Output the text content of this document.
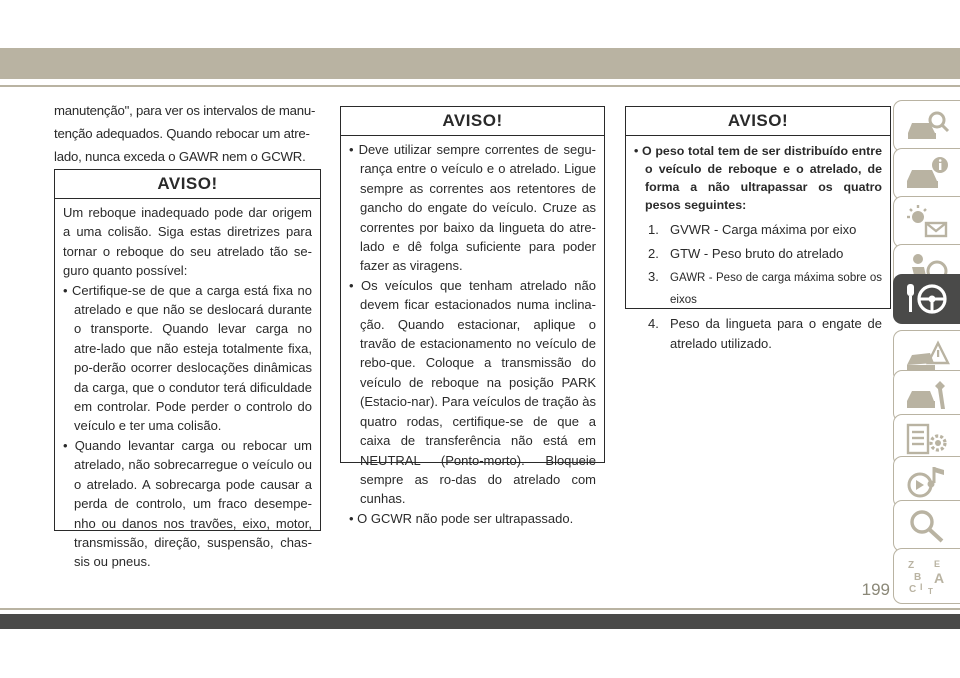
manutenção", para ver os intervalos de manu-tenção adequados. Quando rebocar um atre-lado, nunca exceda o GAWR nem o GCWR.
AVISO!

Um reboque inadequado pode dar origem a uma colisão. Siga estas diretrizes para tornar o reboque do seu atrelado tão se-guro quanto possível:

• Certifique-se de que a carga está fixa no atrelado e que não se deslocará durante o transporte. Quando levar carga no atre-lado que não esteja totalmente fixa, po-derão ocorrer deslocações dinâmicas da carga, que o condutor terá dificuldade em controlar. Pode perder o controlo do veículo e ter uma colisão.

• Quando levantar carga ou rebocar um atrelado, não sobrecarregue o veículo ou o atrelado. A sobrecarga pode causar a perda de controlo, um fraco desempe-nho ou danos nos travões, eixo, motor, transmissão, direção, suspensão, chas-sis ou pneus.

AVISO!

• Deve utilizar sempre correntes de segu-rança entre o veículo e o atrelado. Ligue sempre as correntes aos retentores de gancho do engate do veículo. Cruze as correntes por baixo da lingueta do atre-lado e dê folga suficiente para poder fazer as viragens.

• Os veículos que tenham atrelado não devem ficar estacionados numa inclina-ção. Quando estacionar, aplique o travão de estacionamento no veículo de rebo-que. Coloque a transmissão do veículo de reboque na posição PARK (Estacio-nar). Para veículos de tração às quatro rodas, certifique-se de que a caixa de transferência não está em NEUTRAL (Ponto-morto). Bloqueie sempre as ro-das do atrelado com cunhas.

• O GCWR não pode ser ultrapassado.

AVISO!

• O peso total tem de ser distribuído entre o veículo de reboque e o atrelado, de forma a não ultrapassar os quatro pesos seguintes:

1. GVWR - Carga máxima por eixo

2. GTW - Peso bruto do atrelado

3. GAWR - Peso de carga máxima sobre os eixos

4. Peso da lingueta para o engate de atrelado utilizado.

Z E
B A
C I T
199
